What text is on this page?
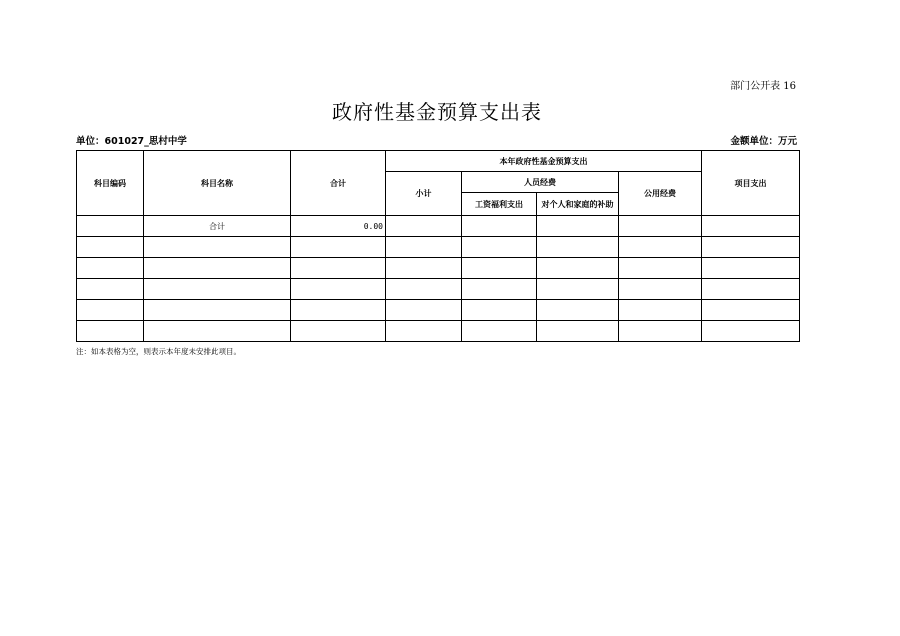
部门公开表 16
政府性基金预算支出表
单位：601027_思村中学	金额单位：万元
科目编码	科目名称	合计	本年政府性基金预算支出				项目支出
			小计	人员经费		公用经费	
				工资福利支出	对个人和家庭的补助		
	合计	0.00					

注：如本表格为空，则表示本年度未安排此项目。
